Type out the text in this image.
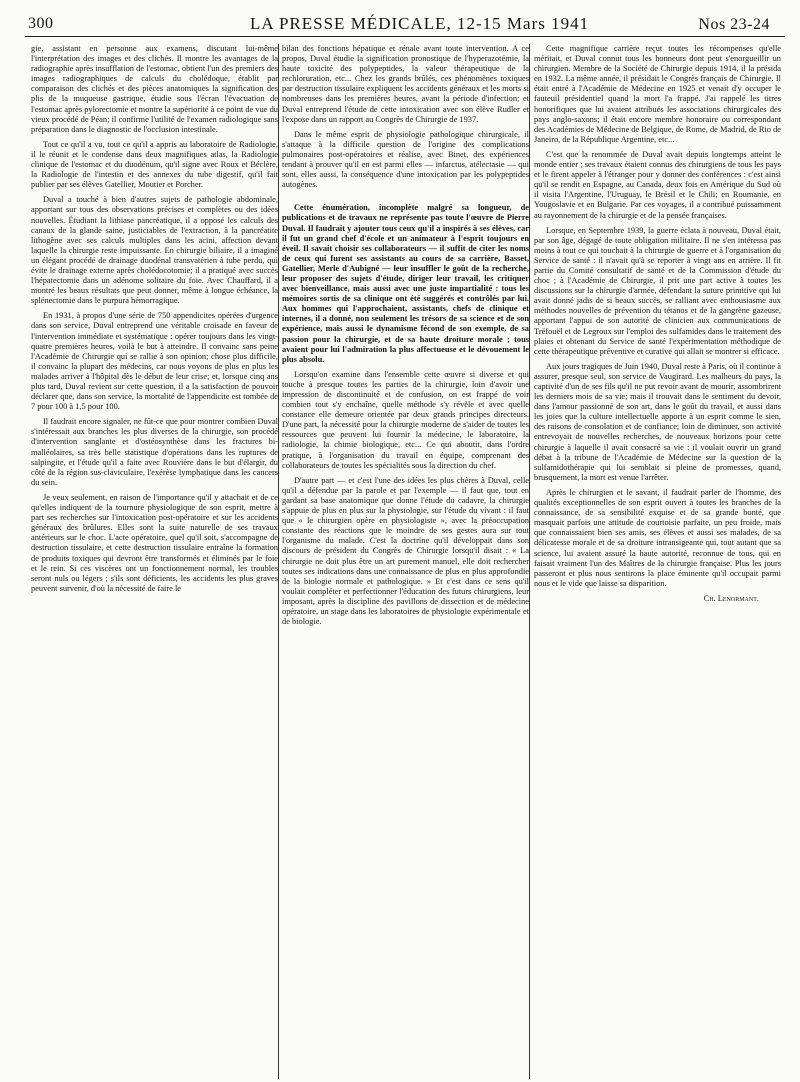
300	LA PRESSE MÉDICALE, 12-15 Mars 1941	Nos 23-24

gie, assistant en personne aux examens, discutant lui-même l'interprétation des images et des clichés. Il montre les avantages de la radiographie après insufflation de l'estomac, obtient l'un des premiers des images radiographiques de calculs du cholédoque, établit par comparaison des clichés et des pièces anatomiques la signification des plis de la muqueuse gastrique, étudie sous l'écran l'évacuation de l'estomac après pylorectomie et montre la supériorité à ce point de vue du vieux procédé de Péan; il confirme l'utilité de l'examen radiologique sans préparation dans le diagnostic de l'occlusion intestinale.

Tout ce qu'il a vu, tout ce qu'il a appris au laboratoire de Radiologie, il le réunit et le condense dans deux magnifiques atlas, la Radiologie clinique de l'estomac et du duodénum, qu'il signe avec Roux et Béclère, la Radiologie de l'intestin et des annexes du tube digestif, qu'il fait publier par ses élèves Gatellier, Moutier et Porcher.

Duval a touché à bien d'autres sujets de pathologie abdominale, apportant sur tous des observations précises et complètes ou des idées nouvelles. Étudiant la lithiase pancréatique, il a opposé les calculs des canaux de la glande saine, justiciables de l'extraction, à la pancréatite lithogène avec ses calculs multiples dans les acini, affection devant laquelle la chirurgie reste impuissante. En chirurgie biliaire, il a imaginé un élégant procédé de drainage duodénal transvatérien à tube perdu, qui évite le drainage externe après cholédocotomie; il a pratiqué avec succès l'hépatectomie dans un adénome solitaire du foie. Avec Chauffard, il a montré les beaux résultats que peut donner, même à longue échéance, la splénectomie dans le purpura hémorragique.

En 1931, à propos d'une série de 750 appendicites opérées d'urgence dans son service, Duval entreprend une véritable croisade en faveur de l'intervention immédiate et systématique : opérer toujours dans les vingt-quatre premières heures, voilà le but à atteindre. Il convainc sans peine l'Académie de Chirurgie qui se rallie à son opinion; chose plus difficile, il convainc la plupart des médecins, car nous voyons de plus en plus les malades arriver à l'hôpital dès le début de leur crise; et, lorsque cinq ans plus tard, Duval revient sur cette question, il a la satisfaction de pouvoir déclarer que, dans son service, la mortalité de l'appendicite est tombée de 7 pour 100 à 1,5 pour 100.

Il faudrait encore signaler, ne fût-ce que pour montrer combien Duval s'intéressait aux branches les plus diverses de la chirurgie, son procédé d'intervention sanglante et d'ostéosynthèse dans les fractures bi-malléolaires, sa très belle statistique d'opérations dans les ruptures de salpingite, et l'étude qu'il a faite avec Rouvière dans le but d'élargir, du côté de la région sus-claviculaire, l'exérèse lymphatique dans les cancers du sein.

Je veux seulement, en raison de l'importance qu'il y attachait et de ce qu'elles indiquent de la tournure physiologique de son esprit, mettre à part ses recherches sur l'intoxication post-opératoire et sur les accidents généraux des brûlures. Elles sont la suite naturelle de ses travaux antérieurs sur le choc. L'acte opératoire, quel qu'il soit, s'accompagne de destruction tissulaire, et cette destruction tissulaire entraîne la formation de produits toxiques qui devront être transformés et éliminés par le foie et le rein. Si ces viscères ont un fonctionnement normal, les troubles seront nuls ou légers ; s'ils sont déficients, les accidents les plus graves peuvent survenir, d'où la nécessité de faire le

bilan des fonctions hépatique et rénale avant toute intervention. A ce propos, Duval étudie la signification pronostique de l'hyperazotémie, la haute toxicité des polypeptides, la valeur thérapeutique de la rechloruration, etc... Chez les grands brûlés, ces phénomènes toxiques par destruction tissulaire expliquent les accidents généraux et les morts si nombreuses dans les premières heures, avant la période d'infection; et Duval entreprend l'étude de cette intoxication avec son élève Rudler et l'expose dans un rapport au Congrès de Chirurgie de 1937.

Dans le même esprit de physiologie pathologique chirurgicale, il s'attaque à la difficile question de l'origine des complications pulmonaires post-opératoires et réalise, avec Binet, des expériences tendant à prouver qu'il en est parmi elles — infarctus, atélectasie — qui sont, elles aussi, la conséquence d'une intoxication par les polypeptides autogènes.

Cette énumération, incomplète malgré sa longueur, de publications et de travaux ne représente pas toute l'œuvre de Pierre Duval. Il faudrait y ajouter tous ceux qu'il a inspirés à ses élèves, car il fut un grand chef d'école et un animateur à l'esprit toujours en éveil. Il savait choisir ses collaborateurs — il suffit de citer les noms de ceux qui furent ses assistants au cours de sa carrière, Basset, Gatellier, Merle d'Aubigné — leur insuffler le goût de la recherche, leur proposer des sujets d'étude, diriger leur travail, les critiquer avec bienveillance, mais aussi avec une juste impartialité : tous les mémoires sortis de sa clinique ont été suggérés et contrôlés par lui. Aux hommes qui l'approchaient, assistants, chefs de clinique et internes, il a donné, non seulement les trésors de sa science et de son expérience, mais aussi le dynamisme fécond de son exemple, de sa passion pour la chirurgie, et de sa haute droiture morale ; tous avaient pour lui l'admiration la plus affectueuse et le dévouement le plus absolu.

Lorsqu'on examine dans l'ensemble cette œuvre si diverse et qui touche à presque toutes les parties de la chirurgie, loin d'avoir une impression de discontinuité et de confusion, on est frappé de voir combien tout s'y enchaîne, quelle méthode s'y révèle et avec quelle constance elle demeure orientée par deux grands principes directeurs. D'une part, la nécessité pour la chirurgie moderne de s'aider de toutes les ressources que peuvent lui fournir la médecine, le laboratoire, la radiologie, la chimie biologique, etc... Ce qui aboutit, dans l'ordre pratique, à l'organisation du travail en équipe, comprenant des collaborateurs de toutes les spécialités sous la direction du chef.

D'autre part — et c'est l'une des idées les plus chères à Duval, celle qu'il a défendue par la parole et par l'exemple — il faut que, tout en gardant sa base anatomique que donne l'étude du cadavre, la chirurgie s'appuie de plus en plus sur la physiologie, sur l'étude du vivant : il faut que « le chirurgien opère en physiologiste », avec la préoccupation constante des réactions que le moindre de ses gestes aura sur tout l'organisme du malade. C'est la doctrine qu'il développait dans son discours de président du Congrès de Chirurgie lorsqu'il disait : « La chirurgie ne doit plus être un art purement manuel, elle doit rechercher toutes ses indications dans une connaissance de plus en plus approfondie de la biologie normale et pathologique. » Et c'est dans ce sens qu'il voulait compléter et perfectionner l'éducation des futurs chirurgiens, leur imposant, après la discipline des pavillons de dissection et de médecine opératoire, un stage dans les laboratoires de physiologie expérimentale et de biologie.

Cette magnifique carrière reçut toutes les récompenses qu'elle méritait, et Duval connut tous les honneurs dont peut s'enorgueillir un chirurgien. Membre de la Société de Chirurgie depuis 1914, il la présida en 1932. La même année, il présidait le Congrès français de Chirurgie. Il était entré à l'Académie de Médecine en 1925 et venait d'y occuper le fauteuil présidentiel quand la mort l'a frappé. J'ai rappelé les titres honorifiques que lui avaient attribués les associations chirurgicales des pays anglo-saxons; il était encore membre honoraire ou correspondant des Académies de Médecine de Belgique, de Rome, de Madrid, de Rio de Janeiro, de la République Argentine, etc...

C'est que la renommée de Duval avait depuis longtemps atteint le monde entier ; ses travaux étaient connus des chirurgiens de tous les pays et le firent appeler à l'étranger pour y donner des conférences : c'est ainsi qu'il se rendit en Espagne, au Canada, deux fois en Amérique du Sud où il visita l'Argentine, l'Uruguay, le Brésil et le Chili; en Roumanie, en Yougoslavie et en Bulgarie. Par ces voyages, il a contribué puissamment au rayonnement de la chirurgie et de la pensée françaises.

Lorsque, en Septembre 1939, la guerre éclata à nouveau, Duval était, par son âge, dégagé de toute obligation militaire. Il ne s'en intéressa pas moins à tout ce qui touchait à la chirurgie de guerre et à l'organisation du Service de santé : il n'avait qu'à se reporter à vingt ans en arrière. Il fit partie du Comité consultatif de santé et de la Commission d'étude du choc ; à l'Académie de Chirurgie, il prit une part active à toutes les discussions sur la chirurgie d'armée, défendant la suture primitive qui lui avait donné jadis de si beaux succès, se ralliant avec enthousiasme aux méthodes nouvelles de prévention du tétanos et de la gangrène gazeuse, apportant l'appui de son autorité de clinicien aux communications de Tréfouël et de Legroux sur l'emploi des sulfamides dans le traitement des plaies et obtenant du Service de santé l'expérimentation méthodique de cette thérapeutique préventive et curative qui allait se montrer si efficace.

Aux jours tragiques de Juin 1940, Duval reste à Paris, où il continue à assurer, presque seul, son service de Vaugirard. Les malheurs du pays, la captivité d'un de ses fils qu'il ne put revoir avant de mourir, assombrirent les derniers mois de sa vie; mais il trouvait dans le sentiment du devoir, dans l'amour passionné de son art, dans le goût du travail, et aussi dans les joies que la culture intellectuelle apporte à un esprit comme le sien, des raisons de consolation et de confiance; loin de diminuer, son activité entrevoyait de nouvelles recherches, de nouveaux horizons pour cette chirurgie à laquelle il avait consacré sa vie : il voulait ouvrir un grand débat à la tribune de l'Académie de Médecine sur la question de la sulfamidothérapie qui lui semblait si pleine de promesses, quand, brusquement, la mort est venue l'arrêter.

Après le chirurgien et le savant, il faudrait parler de l'homme, des qualités exceptionnelles de son esprit ouvert à toutes les branches de la connaissance, de sa sensibilité exquise et de sa grande bonté, que masquait parfois une attitude de courtoisie parfaite, un peu froide, mais que connaissaient bien ses amis, ses élèves et aussi ses malades, de sa délicatesse morale et de sa droiture intransigeante qui, tout autant que sa science, lui avaient assuré la haute autorité, reconnue de tous, qui en faisait vraiment l'un des Maîtres de la chirurgie française. Plus les jours passeront et plus nous sentirons la place éminente qu'il occupait parmi nous et le vide que laisse sa disparition.

Ch. Lenormant.
